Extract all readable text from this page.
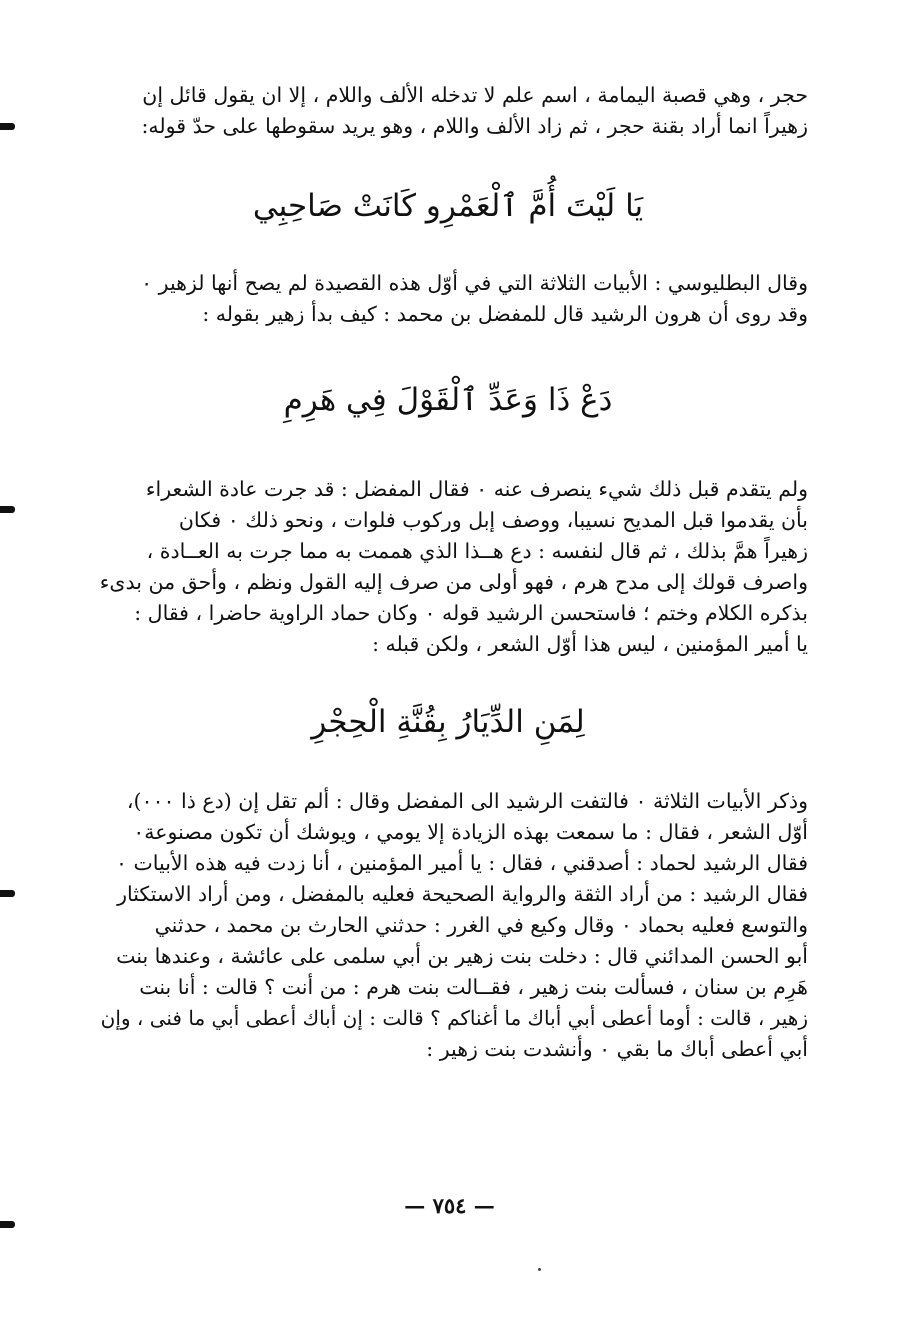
حجر ، وهي قصبة اليمامة ، اسم علم لا تدخله الألف واللام ، إلا ان يقول قائل إن
زهيراً انما أراد بقنة حجر ، ثم زاد الألف واللام ، وهو يريد سقوطها على حدّ قوله:

يَا لَيْتَ أُمَّ ٱلْعَمْرِو كَانَتْ صَاحِبِي

وقال البطليوسي : الأبيات الثلاثة التي في أوّل هذه القصيدة لم يصح أنها لزهير ٠
وقد روى أن هرون الرشيد قال للمفضل بن محمد : كيف بدأ زهير بقوله :

دَعْ ذَا وَعَدِّ ٱلْقَوْلَ فِي هَرِمِ

ولم يتقدم قبل ذلك شيء ينصرف عنه ٠ فقال المفضل : قد جرت عادة الشعراء
بأن يقدموا قبل المديح نسيبا، ووصف إبل وركوب فلوات ، ونحو ذلك ٠ فكان
زهيراً همَّ بذلك ، ثم قال لنفسه : دع هــذا الذي هممت به مما جرت به العــادة ،
واصرف قولك إلى مدح هرم ، فهو أولى من صرف إليه القول ونظم ، وأحق من بدىء
بذكره الكلام وختم ؛ فاستحسن الرشيد قوله ٠ وكان حماد الراوية حاضرا ، فقال :
يا أمير المؤمنين ، ليس هذا أوّل الشعر ، ولكن قبله :

لِمَنِ الدِّيَارُ بِقُنَّةِ الْحِجْرِ

وذكر الأبيات الثلاثة ٠ فالتفت الرشيد الى المفضل وقال : ألم تقل إن (دع ذا ٠٠٠)،
أوّل الشعر ، فقال : ما سمعت بهذه الزيادة إلا يومي ، ويوشك أن تكون مصنوعة٠
فقال الرشيد لحماد : أصدقني ، فقال : يا أمير المؤمنين ، أنا زدت فيه هذه الأبيات ٠
فقال الرشيد : من أراد الثقة والرواية الصحيحة فعليه بالمفضل ، ومن أراد الاستكثار
والتوسع فعليه بحماد ٠ وقال وكيع في الغرر : حدثني الحارث بن محمد ، حدثني
أبو الحسن المدائني قال : دخلت بنت زهير بن أبي سلمى على عائشة ، وعندها بنت
هَرِم بن سنان ، فسألت بنت زهير ، فقــالت بنت هرم : من أنت ؟ قالت : أنا بنت
زهير ، قالت : أوما أعطى أبي أباك ما أغناكم ؟ قالت : إن أباك أعطى أبي ما فنى ، وإن
أبي أعطى أباك ما بقي ٠ وأنشدت بنت زهير :

— ٧٥٤ —
